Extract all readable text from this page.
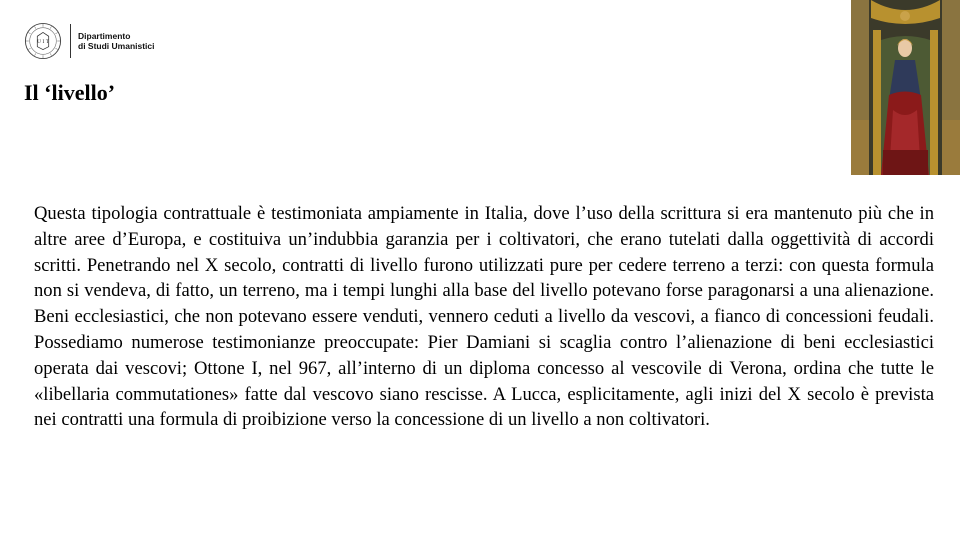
U I T
Dipartimento
di Studi Umanistici
Il ‘livello’

Questa tipologia contrattuale è testimoniata ampiamente in Italia, dove l’uso della scrittura si era mantenuto più che in altre aree d’Europa, e costituiva un’indubbia garanzia per i coltivatori, che erano tutelati dalla oggettività di accordi scritti. Penetrando nel X secolo, contratti di livello furono utilizzati pure per cedere terreno a terzi: con questa formula non si vendeva, di fatto, un terreno, ma i tempi lunghi alla base del livello potevano forse paragonarsi a una alienazione. Beni ecclesiastici, che non potevano essere venduti, vennero ceduti a livello da vescovi, a fianco di concessioni feudali. Possediamo numerose testimonianze preoccupate: Pier Damiani si scaglia contro l’alienazione di beni ecclesiastici operata dai vescovi; Ottone I, nel 967, all’interno di un diploma concesso al vescovile di Verona, ordina che tutte le «libellaria commutationes» fatte dal vescovo siano rescisse. A Lucca, esplicitamente, agli inizi del X secolo è prevista nei contratti una formula di proibizione verso la concessione di un livello a non coltivatori.
